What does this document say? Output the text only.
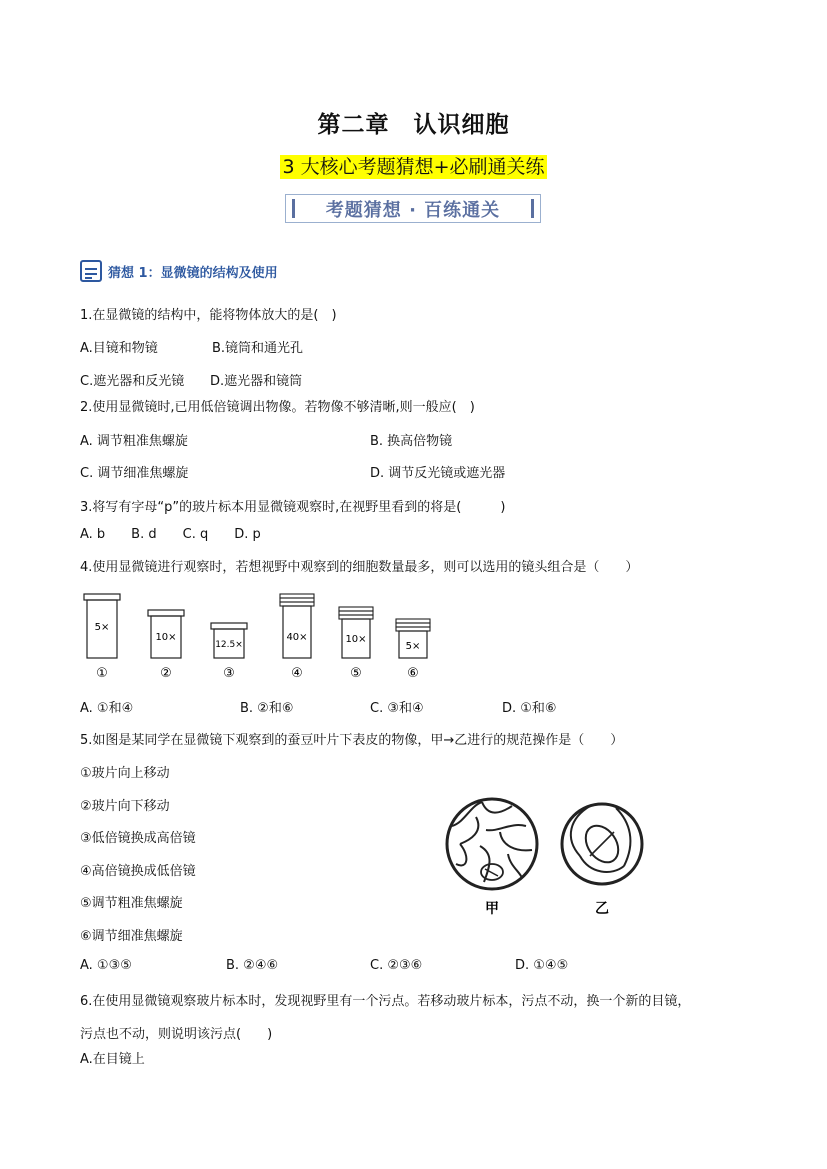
第二章　认识细胞
3 大核心考题猜想+必刷通关练
考题猜想 · 百练通关
猜想 1：显微镜的结构及使用
1.在显微镜的结构中，能将物体放大的是(　)
A.目镜和物镜	B.镜筒和通光孔
C.遮光器和反光镜 D.遮光器和镜筒
2.使用显微镜时,已用低倍镜调出物像。若物像不够清晰,则一般应(　)
A. 调节粗准焦螺旋	B. 换高倍物镜
C. 调节细准焦螺旋	D. 调节反光镜或遮光器
3.将写有字母“p”的玻片标本用显微镜观察时,在视野里看到的将是(　　　)
A. b　　B. d　　C. q　　D. p
4.使用显微镜进行观察时，若想视野中观察到的细胞数量最多，则可以选用的镜头组合是（　　）
5×
①
10×
②
12.5×
③
40×
④
10×
⑤
5×
⑥
A. ①和④	B. ②和⑥	C. ③和④	D. ①和⑥
5.如图是某同学在显微镜下观察到的蚕豆叶片下表皮的物像，甲→乙进行的规范操作是（　　）
①玻片向上移动
②玻片向下移动
③低倍镜换成高倍镜
④高倍镜换成低倍镜
⑤调节粗准焦螺旋
⑥调节细准焦螺旋
甲	乙
A. ①③⑤	B. ②④⑥	C. ②③⑥	D. ①④⑤
6.在使用显微镜观察玻片标本时，发现视野里有一个污点。若移动玻片标本，污点不动，换一个新的目镜，
污点也不动，则说明该污点(　　)
A.在目镜上
